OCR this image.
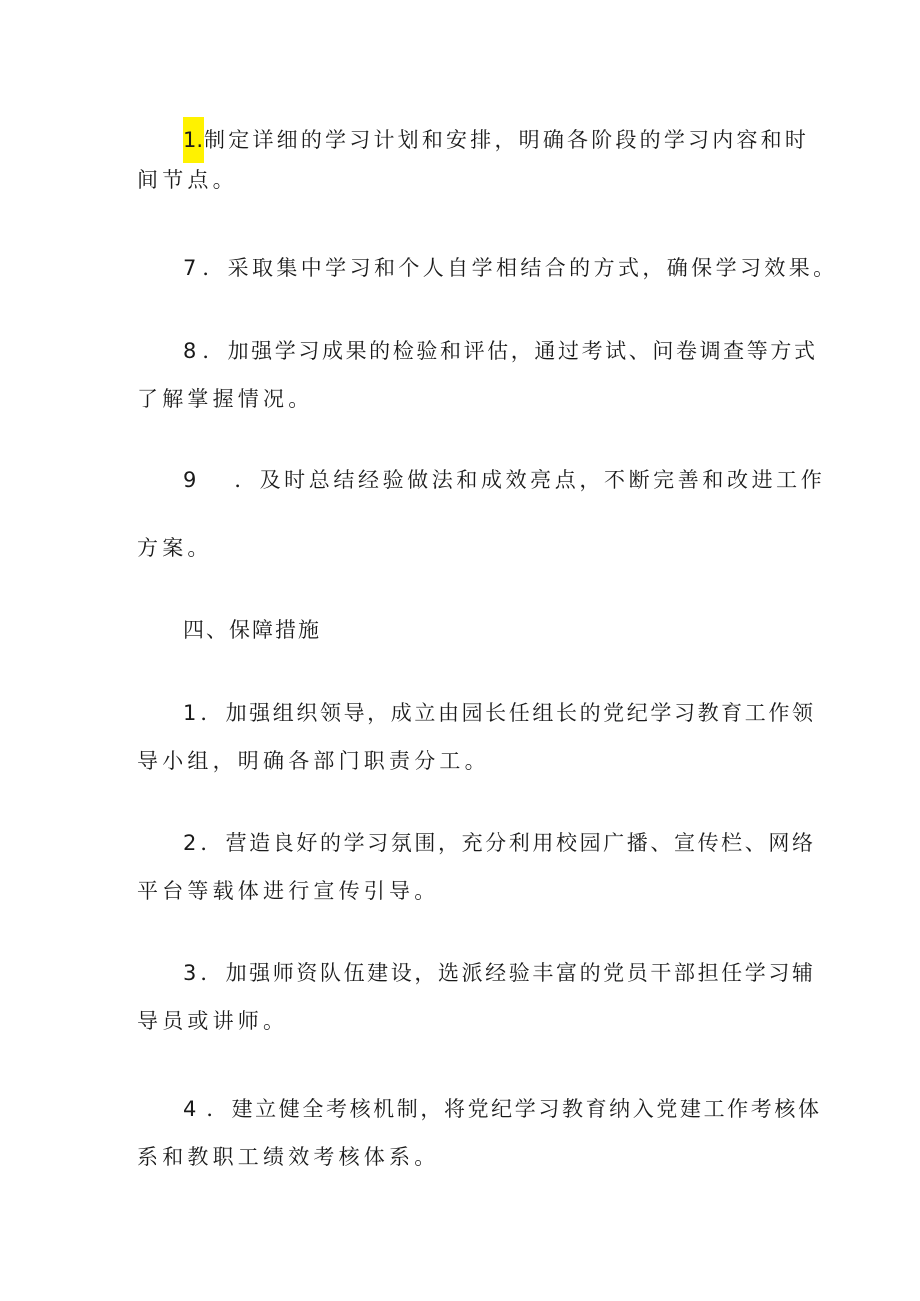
1.制定详细的学习计划和安排，明确各阶段的学习内容和时
间节点。
7 ．采取集中学习和个人自学相结合的方式，确保学习效果。
8 ．加强学习成果的检验和评估，通过考试、问卷调查等方式
了解掌握情况。
9 ．及时总结经验做法和成效亮点，不断完善和改进工作
方案。
四、保障措施
1 ．加强组织领导，成立由园长任组长的党纪学习教育工作领
导小组，明确各部门职责分工。
2 ．营造良好的学习氛围，充分利用校园广播、宣传栏、网络
平台等载体进行宣传引导。
3 ．加强师资队伍建设，选派经验丰富的党员干部担任学习辅
导员或讲师。
4 ．建立健全考核机制，将党纪学习教育纳入党建工作考核体
系和教职工绩效考核体系。
